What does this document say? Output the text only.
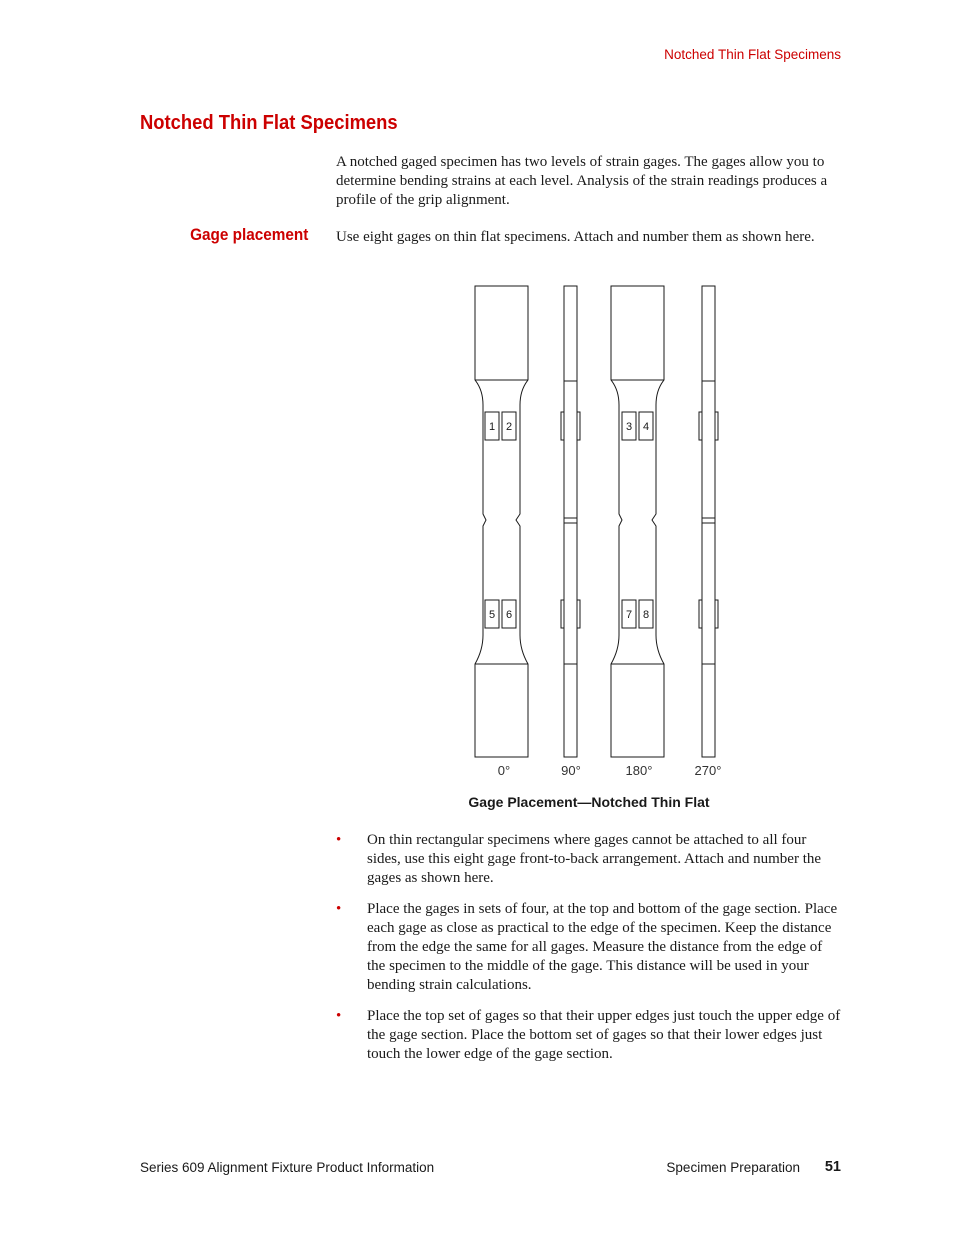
Notched Thin Flat Specimens
Notched Thin Flat Specimens

A notched gaged specimen has two levels of strain gages. The gages allow you to determine bending strains at each level. Analysis of the strain readings produces a profile of the grip alignment.

Gage placement Use eight gages on thin flat specimens. Attach and number them as shown here.

1 2	3 4
5 6	7 8
0°	90°	180°	270°
Gage Placement—Notched Thin Flat
• On thin rectangular specimens where gages cannot be attached to all four sides, use this eight gage front-to-back arrangement. Attach and number the gages as shown here.
• Place the gages in sets of four, at the top and bottom of the gage section. Place each gage as close as practical to the edge of the specimen. Keep the distance from the edge the same for all gages. Measure the distance from the edge of the specimen to the middle of the gage. This distance will be used in your bending strain calculations.
• Place the top set of gages so that their upper edges just touch the upper edge of the gage section. Place the bottom set of gages so that their lower edges just touch the lower edge of the gage section.
Series 609 Alignment Fixture Product Information	Specimen Preparation 51
